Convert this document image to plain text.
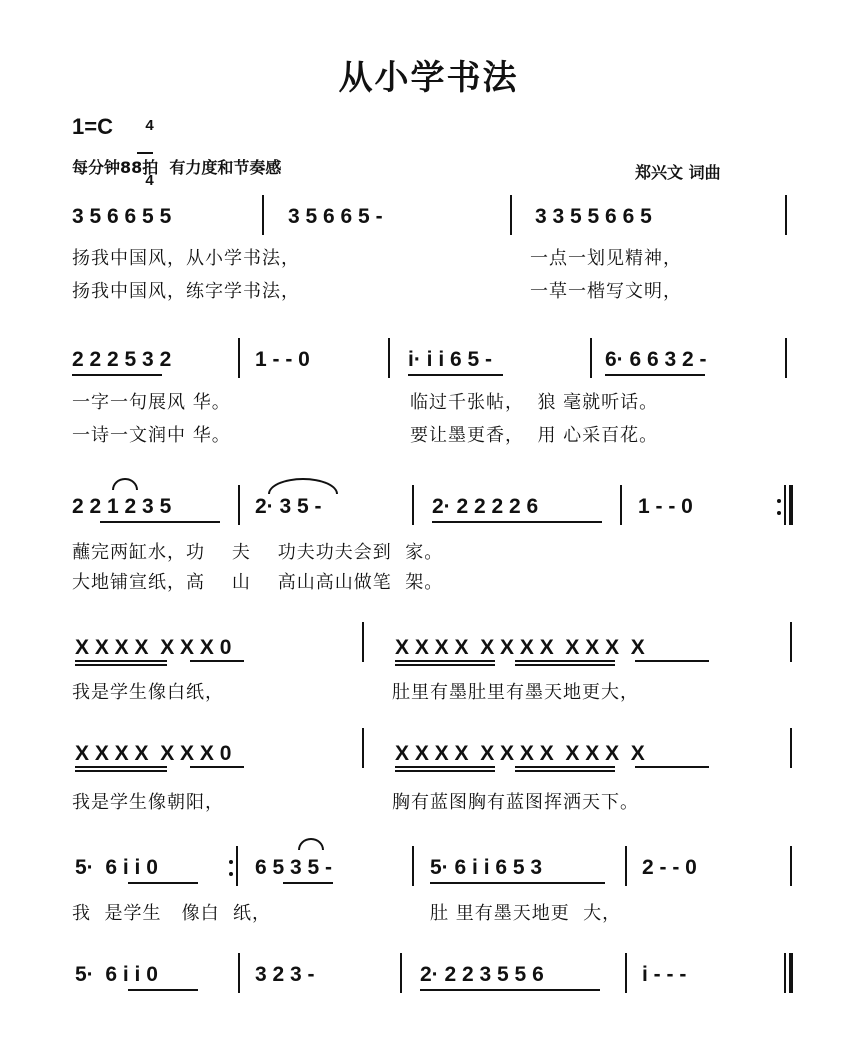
从小学书法
1=C	4

4

每分钟88拍  有力度和节奏感	郑兴文 词曲
3 5 6 6 5 5	3 5 6 6 5 -	3 3 5 5 6 6 5
扬我中国风，从小学书法，	一点一划见精神，
扬我中国风，练字学书法，	一草一楷写文明，
2 2 2 5 3 2	1 - - 0	i· i i 6 5 -	6· 6 6 3 2 -
一字一句展风 华。	临过千张帖，  狼 毫就听话。
一诗一文润中 华。	要让墨更香，  用 心采百花。
2 2 1 2 3 5	2· 3 5 -	2· 2 2 2 2 6	1 - - 0
蘸完两缸水，功    夫    功夫功夫会到  家。
大地铺宣纸，高    山    高山高山做笔  架。
X X X X  X X X 0	X X X X  X X X X  X X X  X
我是学生像白纸，	肚里有墨肚里有墨天地更大，
X X X X  X X X 0	X X X X  X X X X  X X X  X
我是学生像朝阳，	胸有蓝图胸有蓝图挥洒天下。
5·  6 i i 0	6 5 3 5 -	5· 6 i i 6 5 3	2 - - 0
我  是学生   像白  纸，	肚 里有墨天地更  大，
5·  6 i i 0	3 2 3 -	2· 2 2 3 5 5 6	i - - -
